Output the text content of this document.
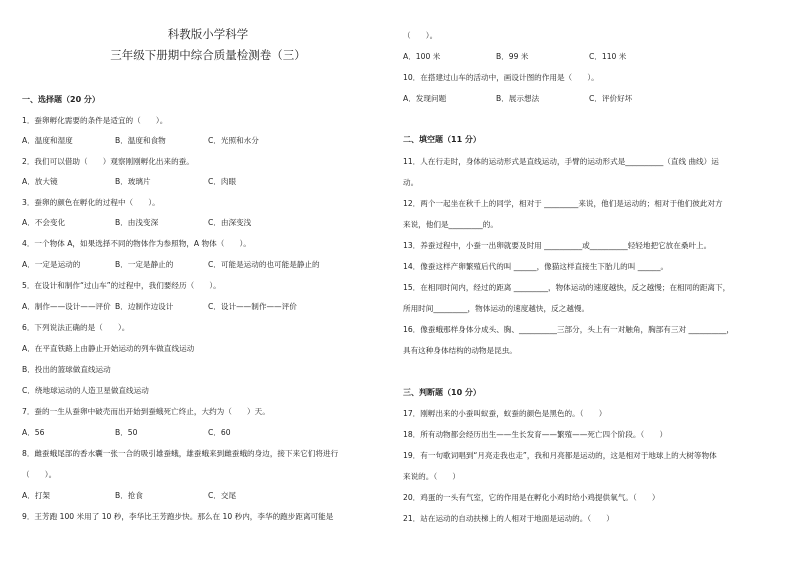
科教版小学科学
三年级下册期中综合质量检测卷（三）
一、选择题（20 分）
1．蚕卵孵化需要的条件是适宜的（　　）。
A．温度和湿度	B．温度和食物	C．光照和水分
2．我们可以借助（　　）观察刚刚孵化出来的蚕。
A．放大镜	B．玻璃片	C．肉眼
3．蚕卵的颜色在孵化的过程中（　　）。
A．不会变化	B．由浅变深	C．由深变浅
4．一个物体 A，如果选择不同的物体作为参照物，A 物体（　　）。
A．一定是运动的	B．一定是静止的	C．可能是运动的也可能是静止的
5．在设计和制作“过山车”的过程中，我们要经历（　　）。
A．制作——设计——评价 B．边制作边设计	C．设计——制作——评价
6．下列说法正确的是（　　）。
A．在平直铁路上由静止开始运动的列车做直线运动
B．投出的篮球做直线运动
C．绕地球运动的人造卫星做直线运动
7．蚕的一生从蚕卵中破壳而出开始到蚕蛾死亡终止，大约为（　　）天。
A．56	B．50	C．60
8．雌蚕蛾尾部的香水囊一张一合的吸引雄蚕蛾，雄蚕蛾来到雌蚕蛾的身边，接下来它们将进行
（　　）。
A．打架	B．抢食	C．交尾
9．王芳跑 100 米用了 10 秒，李华比王芳跑步快。那么在 10 秒内，李华的跑步距离可能是
（　　）。
A．100 米	B．99 米	C．110 米
10．在搭建过山车的活动中，画设计图的作用是（　　）。
A．发现问题	B．展示想法	C．评价好坏
二、填空题（11 分）
11．人在行走时，身体的运动形式是直线运动，手臂的运动形式是__________（直线 曲线）运
动。
12．两个一起坐在秋千上的同学，相对于 _________来说，他们是运动的；相对于他们彼此对方
来说，他们是_________的。
13．养蚕过程中，小蚕一出卵就要及时用 __________或__________轻轻地把它放在桑叶上。
14．像蚕这样产卵繁殖后代的叫 ______，像猫这样直接生下胎儿的叫 ______。
15．在相同时间内，经过的距离 _________，物体运动的速度越快，反之越慢；在相同的距离下，
所用时间_________，物体运动的速度越快，反之越慢。
16．像蚕蛾那样身体分成头、胸、__________三部分，头上有一对触角，胸部有三对 __________，
具有这种身体结构的动物是昆虫。
三、判断题（10 分）
17．刚孵出来的小蚕叫蚁蚕，蚁蚕的颜色是黑色的。（　　）
18．所有动物都会经历出生——生长发育——繁殖——死亡四个阶段。（　　）
19．有一句歌词唱到“月亮走我也走”，我和月亮都是运动的，这是相对于地球上的大树等物体
来说的。（　　）
20．鸡蛋的一头有气室，它的作用是在孵化小鸡时给小鸡提供氧气。（　　）
21．站在运动的自动扶梯上的人相对于地面是运动的。（　　）
